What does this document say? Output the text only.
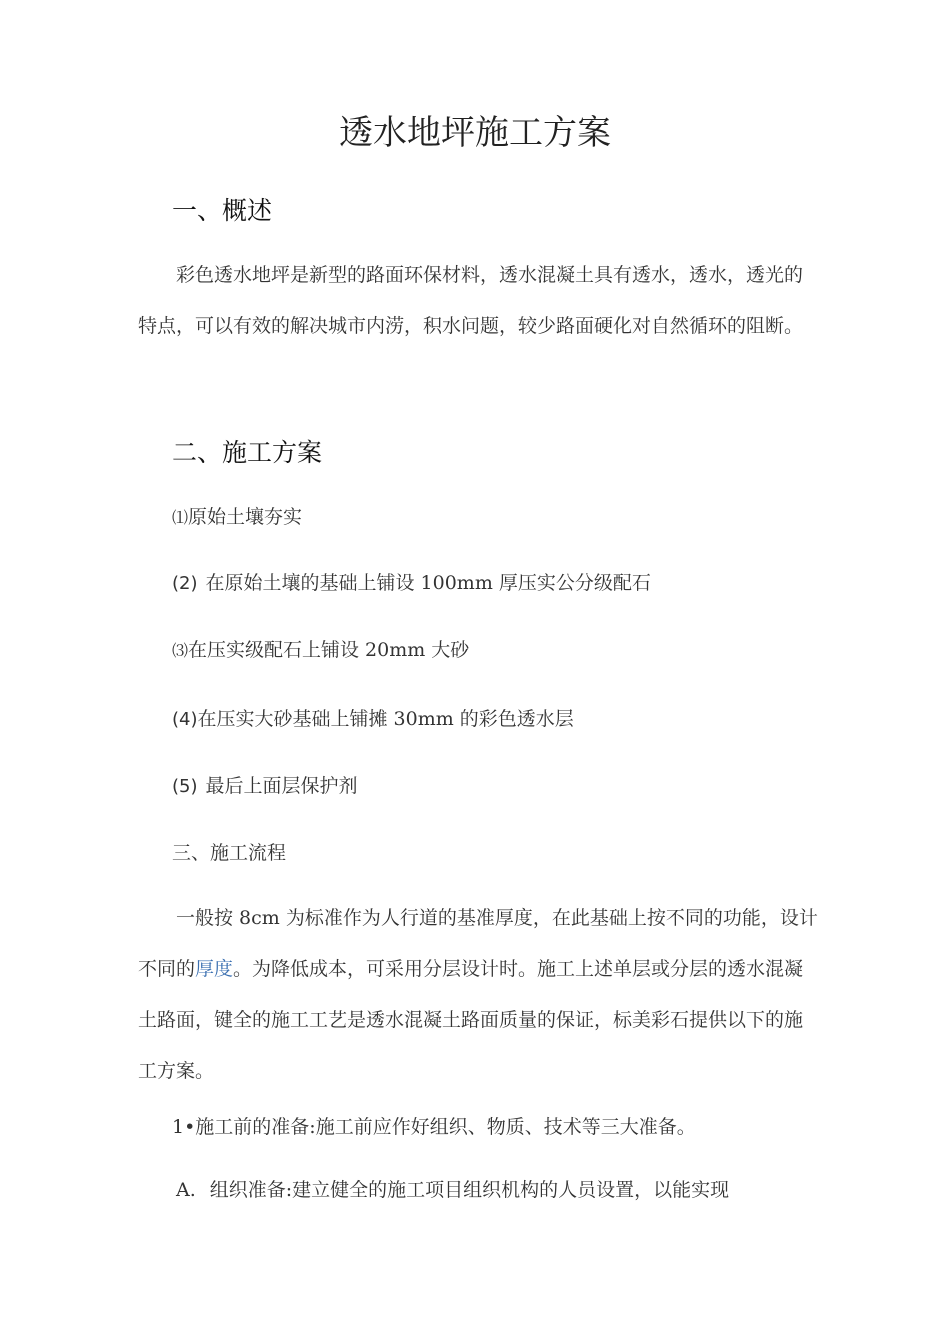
透水地坪施工方案
一、概述

彩色透水地坪是新型的路面环保材料，透水混凝土具有透水，透水，透光的特点，可以有效的解决城市内涝，积水问题，较少路面硬化对自然循环的阻断。

二、施工方案

⑴原始土壤夯实

(2) 在原始土壤的基础上铺设 100mm 厚压实公分级配石

⑶在压实级配石上铺设 20mm 大砂

(4)在压实大砂基础上铺摊 30mm 的彩色透水层

(5) 最后上面层保护剂

三、施工流程

一般按 8cm 为标准作为人行道的基准厚度，在此基础上按不同的功能，设计不同的厚度。为降低成本，可采用分层设计时。施工上述单层或分层的透水混凝土路面，键全的施工工艺是透水混凝土路面质量的保证，标美彩石提供以下的施工方案。

1•施工前的准备:施工前应作好组织、物质、技术等三大准备。

A. 组织准备:建立健全的施工项目组织机构的人员设置，以能实现
